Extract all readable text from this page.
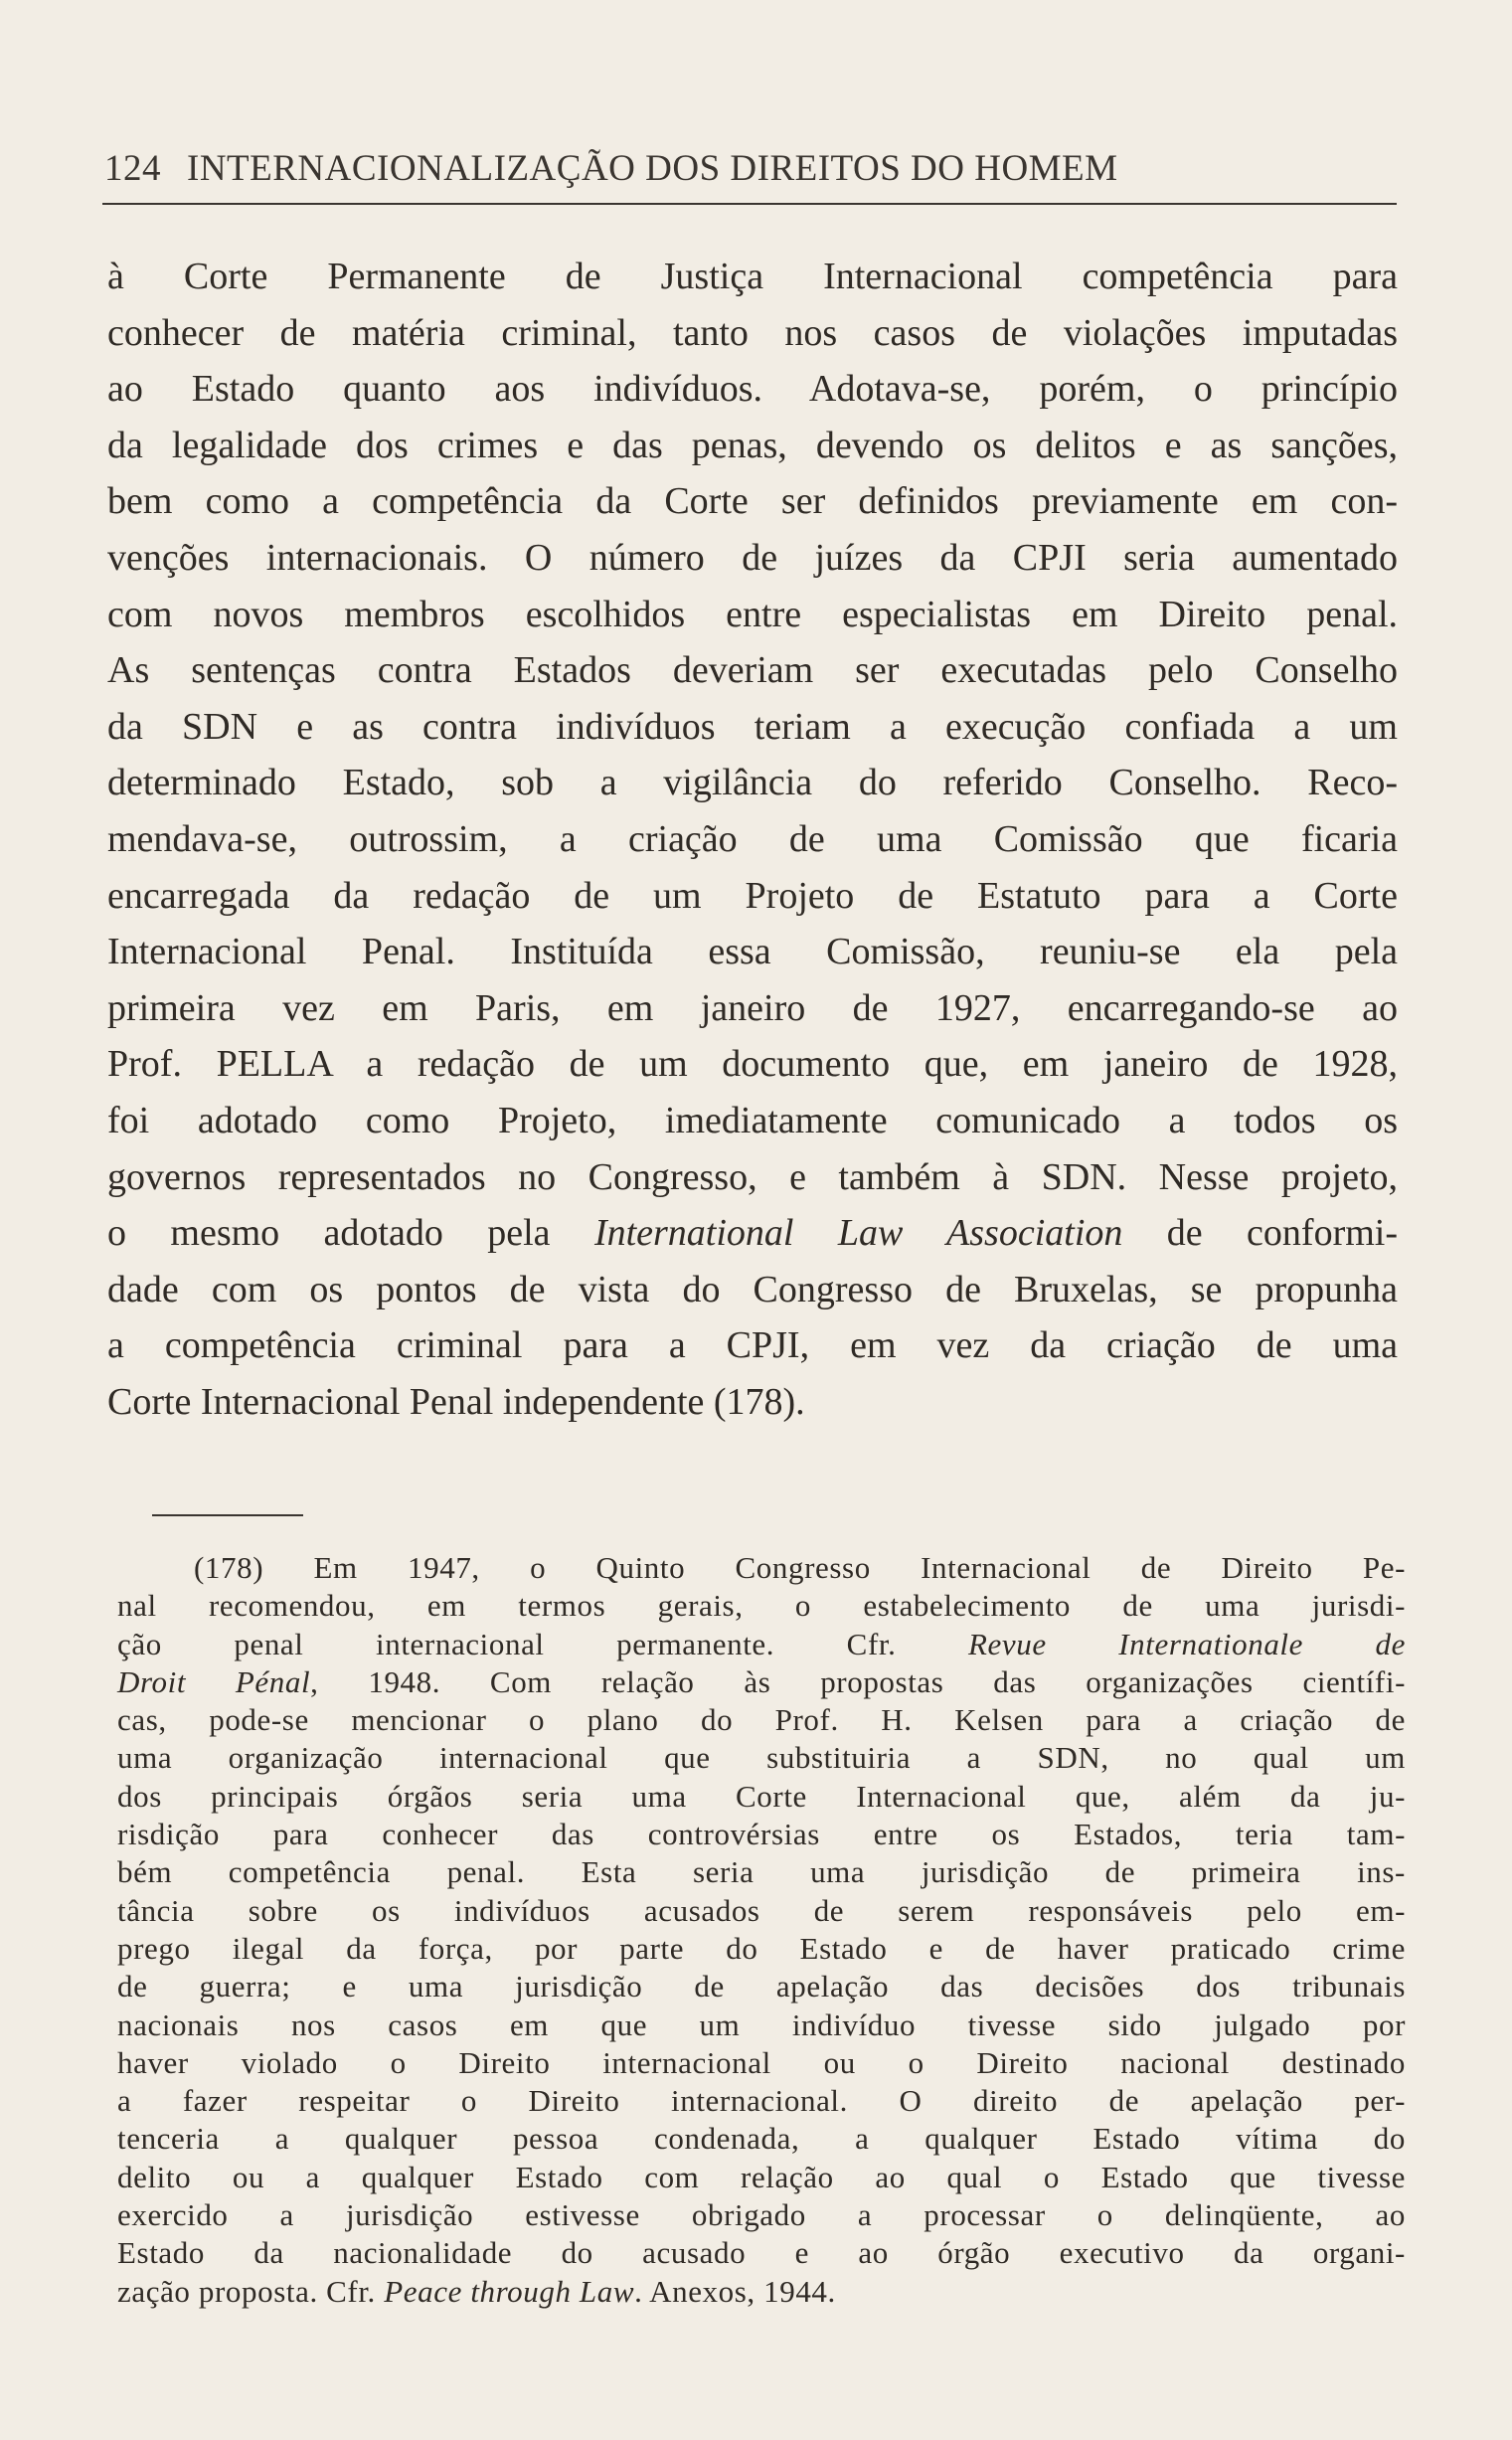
124 INTERNACIONALIZAÇÃO DOS DIREITOS DO HOMEM
à Corte Permanente de Justiça Internacional competência para
conhecer de matéria criminal, tanto nos casos de violações imputadas
ao Estado quanto aos indivíduos. Adotava-se, porém, o princípio
da legalidade dos crimes e das penas, devendo os delitos e as sanções,
bem como a competência da Corte ser definidos previamente em con-
venções internacionais. O número de juízes da CPJI seria aumentado
com novos membros escolhidos entre especialistas em Direito penal.
As sentenças contra Estados deveriam ser executadas pelo Conselho
da SDN e as contra indivíduos teriam a execução confiada a um
determinado Estado, sob a vigilância do referido Conselho. Reco-
mendava-se, outrossim, a criação de uma Comissão que ficaria
encarregada da redação de um Projeto de Estatuto para a Corte
Internacional Penal. Instituída essa Comissão, reuniu-se ela pela
primeira vez em Paris, em janeiro de 1927, encarregando-se ao
Prof. PELLA a redação de um documento que, em janeiro de 1928,
foi adotado como Projeto, imediatamente comunicado a todos os
governos representados no Congresso, e também à SDN. Nesse projeto,
o mesmo adotado pela International Law Association de conformi-
dade com os pontos de vista do Congresso de Bruxelas, se propunha
a competência criminal para a CPJI, em vez da criação de uma
Corte Internacional Penal independente (178).
(178) Em 1947, o Quinto Congresso Internacional de Direito Pe-
nal recomendou, em termos gerais, o estabelecimento de uma jurisdi-
ção penal internacional permanente. Cfr. Revue Internationale de
Droit Pénal, 1948. Com relação às propostas das organizações científi-
cas, pode-se mencionar o plano do Prof. H. Kelsen para a criação de
uma organização internacional que substituiria a SDN, no qual um
dos principais órgãos seria uma Corte Internacional que, além da ju-
risdição para conhecer das controvérsias entre os Estados, teria tam-
bém competência penal. Esta seria uma jurisdição de primeira ins-
tância sobre os indivíduos acusados de serem responsáveis pelo em-
prego ilegal da força, por parte do Estado e de haver praticado crime
de guerra; e uma jurisdição de apelação das decisões dos tribunais
nacionais nos casos em que um indivíduo tivesse sido julgado por
haver violado o Direito internacional ou o Direito nacional destinado
a fazer respeitar o Direito internacional. O direito de apelação per-
tenceria a qualquer pessoa condenada, a qualquer Estado vítima do
delito ou a qualquer Estado com relação ao qual o Estado que tivesse
exercido a jurisdição estivesse obrigado a processar o delinqüente, ao
Estado da nacionalidade do acusado e ao órgão executivo da organi-
zação proposta. Cfr. Peace through Law. Anexos, 1944.
